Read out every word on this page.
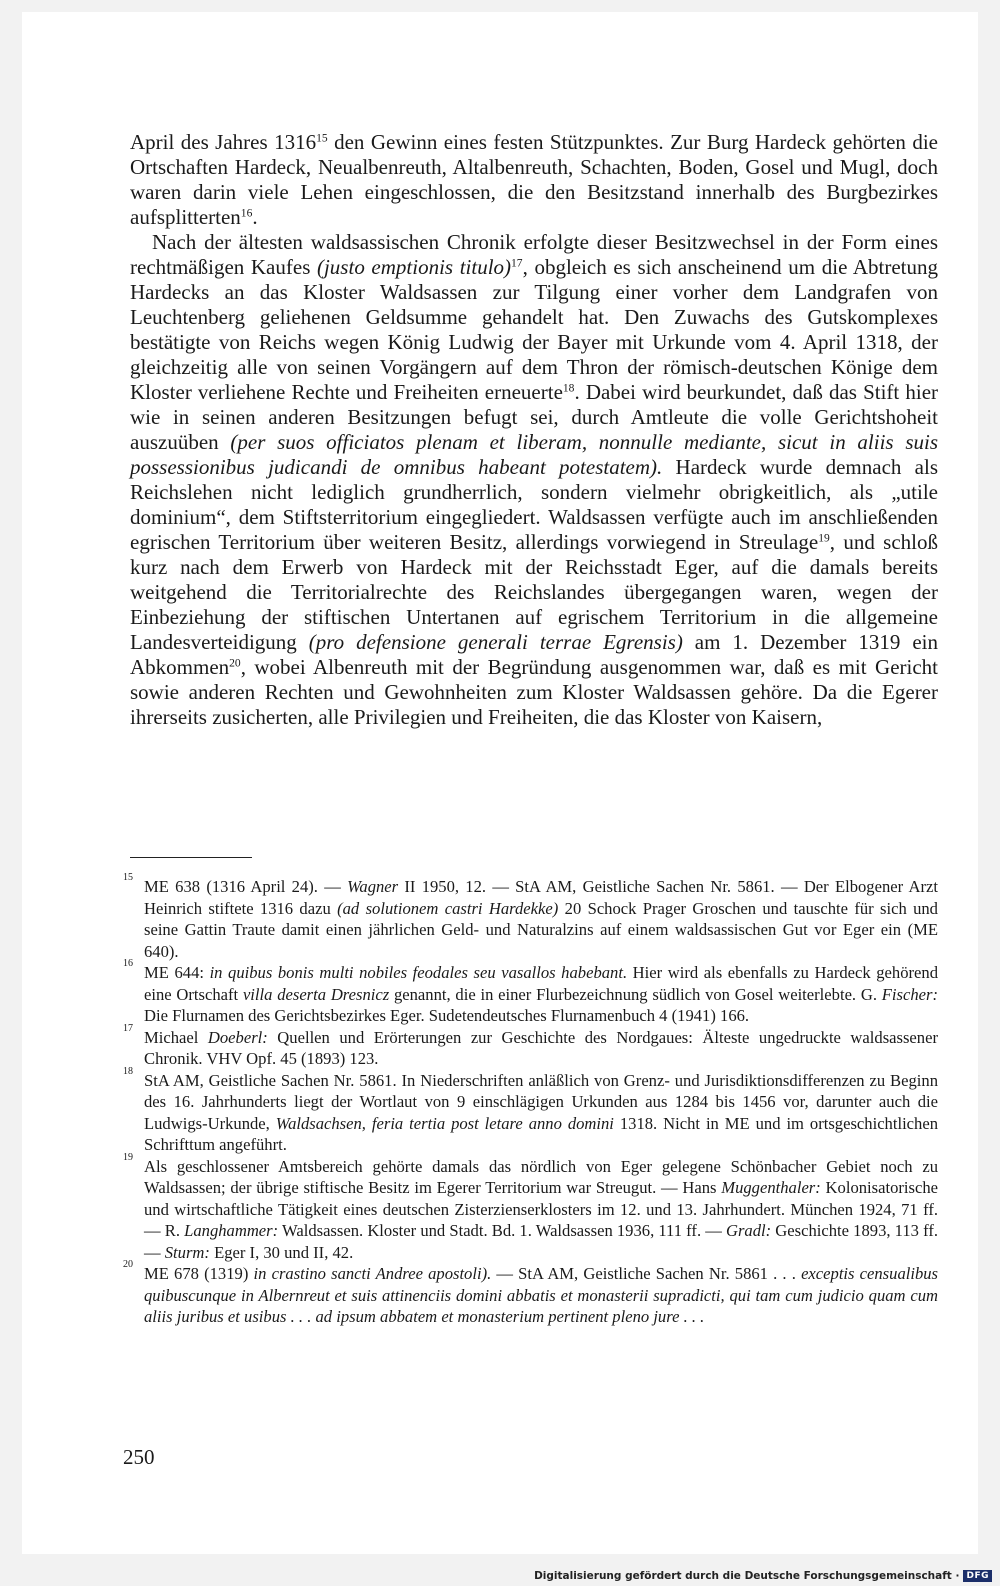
April des Jahres 1316$^{15}$ den Gewinn eines festen Stützpunktes. Zur Burg Hardeck gehörten die Ortschaften Hardeck, Neualbenreuth, Altalbenreuth, Schachten, Boden, Gosel und Mugl, doch waren darin viele Lehen eingeschlossen, die den Besitzstand innerhalb des Burgbezirkes aufsplitterten$^{16}$.

Nach der ältesten waldsassischen Chronik erfolgte dieser Besitzwechsel in der Form eines rechtmäßigen Kaufes (justo emptionis titulo)$^{17}$, obgleich es sich anscheinend um die Abtretung Hardecks an das Kloster Waldsassen zur Tilgung einer vorher dem Landgrafen von Leuchtenberg geliehenen Geldsumme gehandelt hat. Den Zuwachs des Gutskomplexes bestätigte von Reichs wegen König Ludwig der Bayer mit Urkunde vom 4. April 1318, der gleichzeitig alle von seinen Vorgängern auf dem Thron der römisch-deutschen Könige dem Kloster verliehene Rechte und Freiheiten erneuerte$^{18}$. Dabei wird beurkundet, daß das Stift hier wie in seinen anderen Besitzungen befugt sei, durch Amtleute die volle Gerichtshoheit auszuüben (per suos officiatos plenam et liberam, nonnulle mediante, sicut in aliis suis possessionibus judicandi de omnibus habeant potestatem). Hardeck wurde demnach als Reichslehen nicht lediglich grundherrlich, sondern vielmehr obrigkeitlich, als „utile dominium“, dem Stiftsterritorium eingegliedert. Waldsassen verfügte auch im anschließenden egrischen Territorium über weiteren Besitz, allerdings vorwiegend in Streulage$^{19}$, und schloß kurz nach dem Erwerb von Hardeck mit der Reichsstadt Eger, auf die damals bereits weitgehend die Territorialrechte des Reichslandes übergegangen waren, wegen der Einbeziehung der stiftischen Untertanen auf egrischem Territorium in die allgemeine Landesverteidigung (pro defensione generali terrae Egrensis) am 1. Dezember 1319 ein Abkommen$^{20}$, wobei Albenreuth mit der Begründung ausgenommen war, daß es mit Gericht sowie anderen Rechten und Gewohnheiten zum Kloster Waldsassen gehöre. Da die Egerer ihrerseits zusicherten, alle Privilegien und Freiheiten, die das Kloster von Kaisern,

15 ME 638 (1316 April 24). — Wagner II 1950, 12. — StA AM, Geistliche Sachen Nr. 5861. — Der Elbogener Arzt Heinrich stiftete 1316 dazu (ad solutionem castri Hardekke) 20 Schock Prager Groschen und tauschte für sich und seine Gattin Traute damit einen jährlichen Geld- und Naturalzins auf einem waldsassischen Gut vor Eger ein (ME 640).
16 ME 644: in quibus bonis multi nobiles feodales seu vasallos habebant. Hier wird als ebenfalls zu Hardeck gehörend eine Ortschaft villa deserta Dresnicz genannt, die in einer Flurbezeichnung südlich von Gosel weiterlebte. G. Fischer: Die Flurnamen des Gerichtsbezirkes Eger. Sudetendeutsches Flurnamenbuch 4 (1941) 166.
17 Michael Doeberl: Quellen und Erörterungen zur Geschichte des Nordgaues: Älteste ungedruckte waldsassener Chronik. VHV Opf. 45 (1893) 123.
18 StA AM, Geistliche Sachen Nr. 5861. In Niederschriften anläßlich von Grenz- und Jurisdiktionsdifferenzen zu Beginn des 16. Jahrhunderts liegt der Wortlaut von 9 einschlägigen Urkunden aus 1284 bis 1456 vor, darunter auch die Ludwigs-Urkunde, Waldsachsen, feria tertia post letare anno domini 1318. Nicht in ME und im ortsgeschichtlichen Schrifttum angeführt.
19 Als geschlossener Amtsbereich gehörte damals das nördlich von Eger gelegene Schönbacher Gebiet noch zu Waldsassen; der übrige stiftische Besitz im Egerer Territorium war Streugut. — Hans Muggenthaler: Kolonisatorische und wirtschaftliche Tätigkeit eines deutschen Zisterzienserklosters im 12. und 13. Jahrhundert. München 1924, 71 ff. — R. Langhammer: Waldsassen. Kloster und Stadt. Bd. 1. Waldsassen 1936, 111 ff. — Gradl: Geschichte 1893, 113 ff. — Sturm: Eger I, 30 und II, 42.
20 ME 678 (1319) in crastino sancti Andree apostoli). — StA AM, Geistliche Sachen Nr. 5861 . . . exceptis censualibus quibuscunque in Albernreut et suis attinenciis domini abbatis et monasterii supradicti, qui tam cum judicio quam cum aliis juribus et usibus . . . ad ipsum abbatem et monasterium pertinent pleno jure . . .
250
Digitalisierung gefördert durch die Deutsche Forschungsgemeinschaft · DFG
